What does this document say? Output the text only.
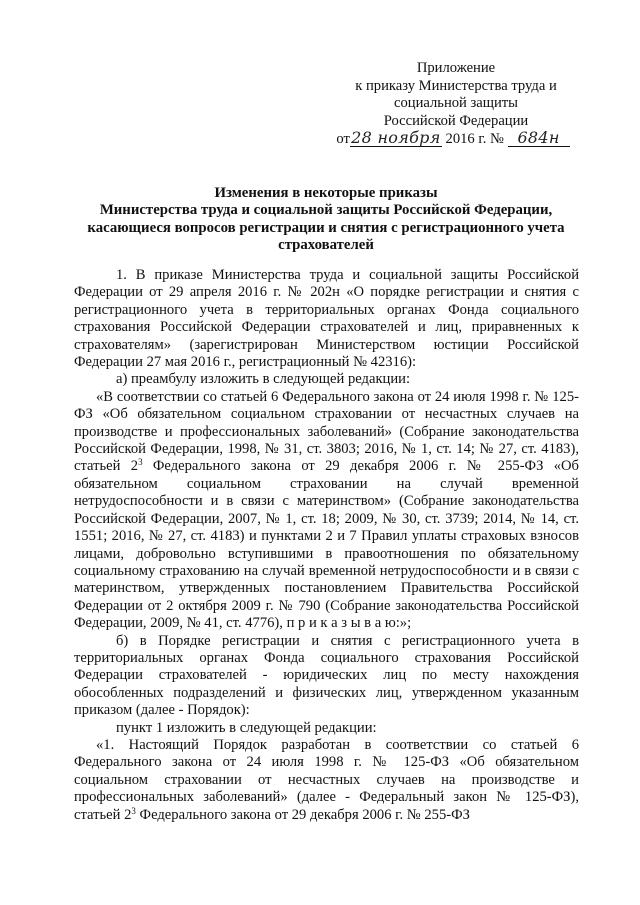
Приложение
к приказу Министерства труда и
социальной защиты
Российской Федерации
от28 ноября 2016 г. № 684н
Изменения в некоторые приказы
Министерства труда и социальной защиты Российской Федерации,
касающиеся вопросов регистрации и снятия с регистрационного учета
страхователей

1. В приказе Министерства труда и социальной защиты Российской Федерации от 29 апреля 2016 г. № 202н «О порядке регистрации и снятия с регистрационного учета в территориальных органах Фонда социального страхования Российской Федерации страхователей и лиц, приравненных к страхователям» (зарегистрирован Министерством юстиции Российской Федерации 27 мая 2016 г., регистрационный № 42316):

а) преамбулу изложить в следующей редакции:

«В соответствии со статьей 6 Федерального закона от 24 июля 1998 г. № 125-ФЗ «Об обязательном социальном страховании от несчастных случаев на производстве и профессиональных заболеваний» (Собрание законодательства Российской Федерации, 1998, № 31, ст. 3803; 2016, № 1, ст. 14; № 27, ст. 4183), статьей $2^3$ Федерального закона от 29 декабря 2006 г. № 255-ФЗ «Об обязательном социальном страховании на случай временной нетрудоспособности и в связи с материнством» (Собрание законодательства Российской Федерации, 2007, № 1, ст. 18; 2009, № 30, ст. 3739; 2014, № 14, ст. 1551; 2016, № 27, ст. 4183) и пунктами 2 и 7 Правил уплаты страховых взносов лицами, добровольно вступившими в правоотношения по обязательному социальному страхованию на случай временной нетрудоспособности и в связи с материнством, утвержденных постановлением Правительства Российской Федерации от 2 октября 2009 г. № 790 (Собрание законодательства Российской Федерации, 2009, № 41, ст. 4776), п р и к а з ы в а ю:»;

б) в Порядке регистрации и снятия с регистрационного учета в территориальных органах Фонда социального страхования Российской Федерации страхователей - юридических лиц по месту нахождения обособленных подразделений и физических лиц, утвержденном указанным приказом (далее - Порядок):

пункт 1 изложить в следующей редакции:

«1. Настоящий Порядок разработан в соответствии со статьей 6 Федерального закона от 24 июля 1998 г. № 125-ФЗ «Об обязательном социальном страховании от несчастных случаев на производстве и профессиональных заболеваний» (далее - Федеральный закон № 125-ФЗ), статьей $2^3$ Федерального закона от 29 декабря 2006 г. № 255-ФЗ
